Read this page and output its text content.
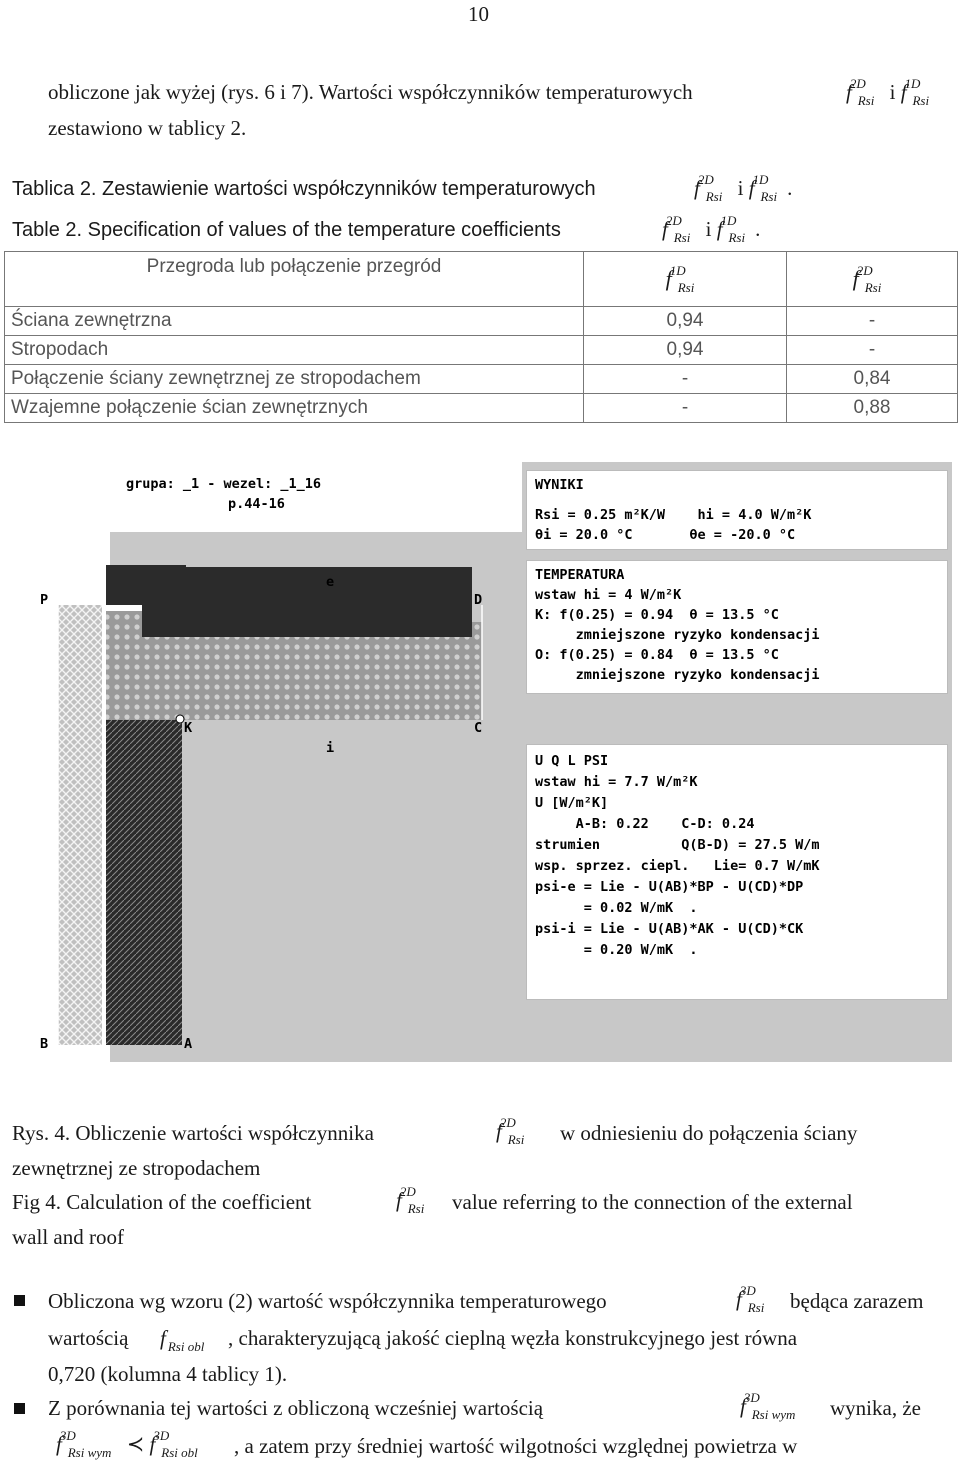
10
obliczone jak wyżej (rys. 6 i 7). Wartości współczynników temperaturowych	$f^{2D}_{Rsi}$ i $f^{1D}_{Rsi}$
zestawiono w tablicy 2.
Tablica 2. Zestawienie wartości współczynników temperaturowych	$f^{2D}_{Rsi}$ i $f^{1D}_{Rsi}$ .
Table 2. Specification of values of the temperature coefficients	$f^{2D}_{Rsi}$ i $f^{1D}_{Rsi}$ .
Przegroda lub połączenie przegród	$f^{1D}_{Rsi}$	$f^{2D}_{Rsi}$
Ściana zewnętrzna	0,94	-
Stropodach	0,94	-
Połączenie ściany zewnętrznej ze stropodachem	-	0,84
Wzajemne połączenie ścian zewnętrznych	-	0,88
grupa: _1 - wezel: _1_16
p.44-16
P	D
e
K	C
i
B	A
WYNIKI
Rsi = 0.25 m²K/W    hi = 4.0 W/m²K
θi = 20.0 °C       θe = -20.0 °C
TEMPERATURA
wstaw hi = 4 W/m²K
K: f(0.25) = 0.94  θ = 13.5 °C
zmniejszone ryzyko kondensacji
O: f(0.25) = 0.84  θ = 13.5 °C
zmniejszone ryzyko kondensacji
U Q L PSI
wstaw hi = 7.7 W/m²K
U [W/m²K]
A-B: 0.22    C-D: 0.24
strumien          Q(B-D) = 27.5 W/m
wsp. sprzez. ciepl.   Lie= 0.7 W/mK
psi-e = Lie - U(AB)*BP - U(CD)*DP
= 0.02 W/mK  .
psi-i = Lie - U(AB)*AK - U(CD)*CK
= 0.20 W/mK  .
Rys. 4. Obliczenie wartości współczynnika	$f^{2D}_{Rsi}$	w odniesieniu do połączenia ściany
zewnętrznej ze stropodachem
Fig 4. Calculation of the coefficient	$f^{2D}_{Rsi}$	value referring to the connection of the external
wall and roof
Obliczona wg wzoru (2) wartość współczynnika temperaturowego	$f^{3D}_{Rsi}$	będąca zarazem
wartością f $_{Rsi obl}$ , charakteryzującą jakość cieplną węzła konstrukcyjnego jest równa
0,720 (kolumna 4 tablicy 1).
Z porównania tej wartości z obliczoną wcześniej wartością	$f^{3D}_{Rsi wym}$	wynika, że
$f^{3D}_{Rsi wym}$ ≺ $f^{3D}_{Rsi obl}$	, a zatem przy średniej wartość wilgotności względnej powietrza w
